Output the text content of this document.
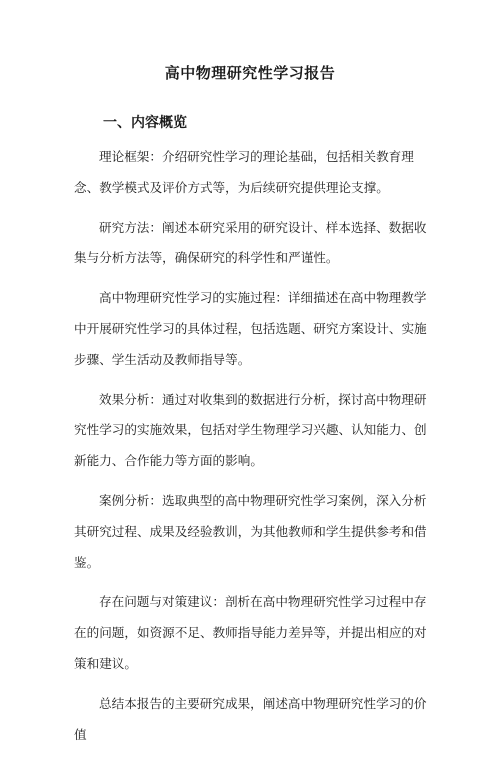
高中物理研究性学习报告
一、内容概览

理论框架：介绍研究性学习的理论基础，包括相关教育理念、教学模式及评价方式等，为后续研究提供理论支撑。

研究方法：阐述本研究采用的研究设计、样本选择、数据收集与分析方法等，确保研究的科学性和严谨性。

高中物理研究性学习的实施过程：详细描述在高中物理教学中开展研究性学习的具体过程，包括选题、研究方案设计、实施步骤、学生活动及教师指导等。

效果分析：通过对收集到的数据进行分析，探讨高中物理研究性学习的实施效果，包括对学生物理学习兴趣、认知能力、创新能力、合作能力等方面的影响。

案例分析：选取典型的高中物理研究性学习案例，深入分析其研究过程、成果及经验教训，为其他教师和学生提供参考和借鉴。

存在问题与对策建议：剖析在高中物理研究性学习过程中存在的问题，如资源不足、教师指导能力差异等，并提出相应的对策和建议。

总结本报告的主要研究成果，阐述高中物理研究性学习的价值
